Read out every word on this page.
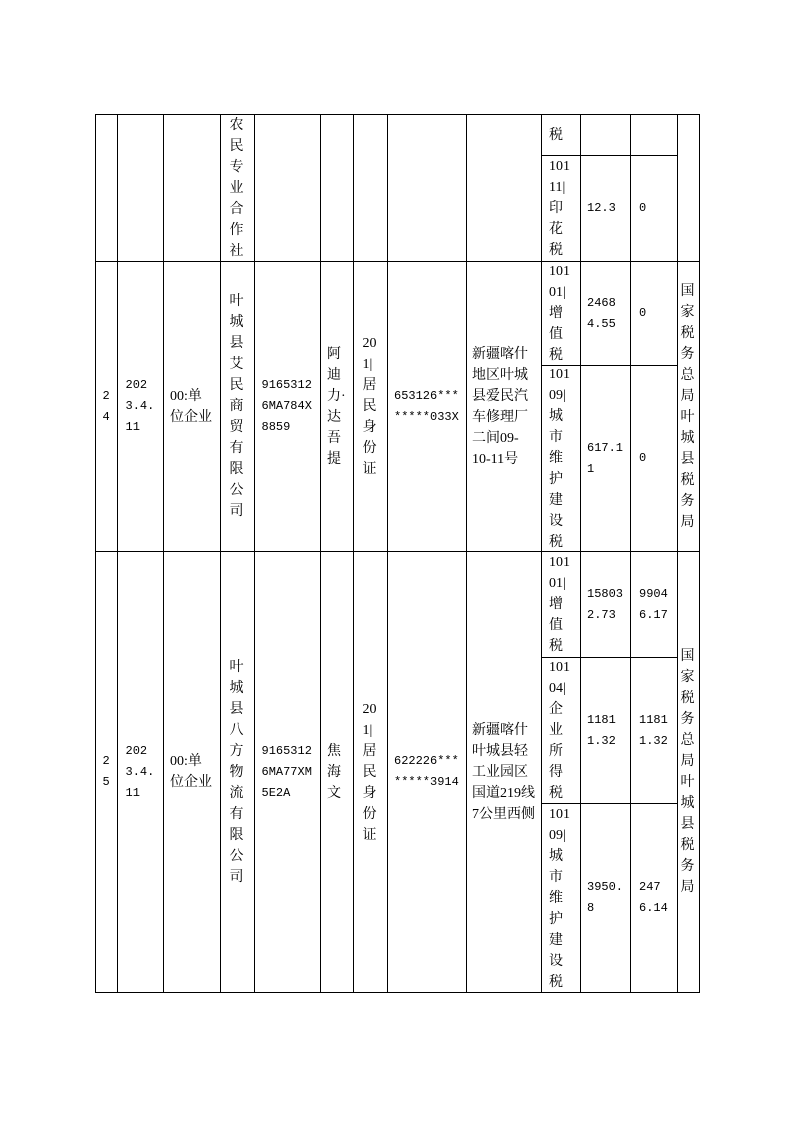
农民专业合作社
税
10111|印花税
12.3	0
24
2023.4.11
00:单位企业
叶城县艾民商贸有限公司
91653126MA784X8859
阿迪力·达吾提
201|居民身份证
653126********033X
新疆喀什地区叶城县爱民汽车修理厂二间09-10-11号
10101|增值税
24684.55
0
10109|城市维护建设税
617.11
0
国家税务总局叶城县税务局
25
2023.4.11
00:单位企业
叶城县八方物流有限公司
91653126MA77XM5E2A
焦海文
201|居民身份证
622226********3914
新疆喀什叶城县轻工业园区国道219线7公里西侧
10101|增值税
158032.73
99046.17
10104|企业所得税
11811.32
11811.32
10109|城市维护建设税
3950.8
2476.14
国家税务总局叶城县税务局
